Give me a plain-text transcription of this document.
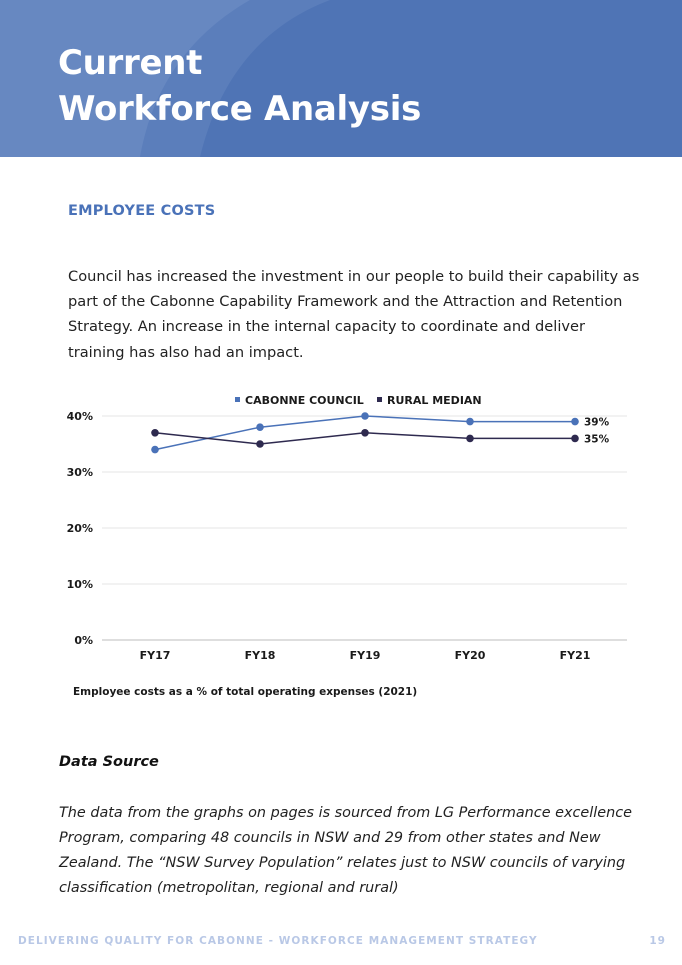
Current
Workforce Analysis
EMPLOYEE COSTS

Council has increased the investment in our people to build their capability as part of the Cabonne Capability Framework and the Attraction and Retention Strategy. An increase in the internal capacity to coordinate and deliver training has also had an impact.

0%
10%
20%
30%
40%
FY17	FY18	FY19	FY20	FY21
CABONNE COUNCIL RURAL MEDIAN
39%
35%

Employee costs as a % of total operating expenses (2021)

Data Source

The data from the graphs on pages is sourced from LG Performance excellence Program, comparing 48 councils in NSW and 29 from other states and New Zealand. The “NSW Survey Population” relates just to NSW councils of varying classification (metropolitan, regional and rural)

DELIVERING QUALITY FOR CABONNE - WORKFORCE MANAGEMENT STRATEGY	19
